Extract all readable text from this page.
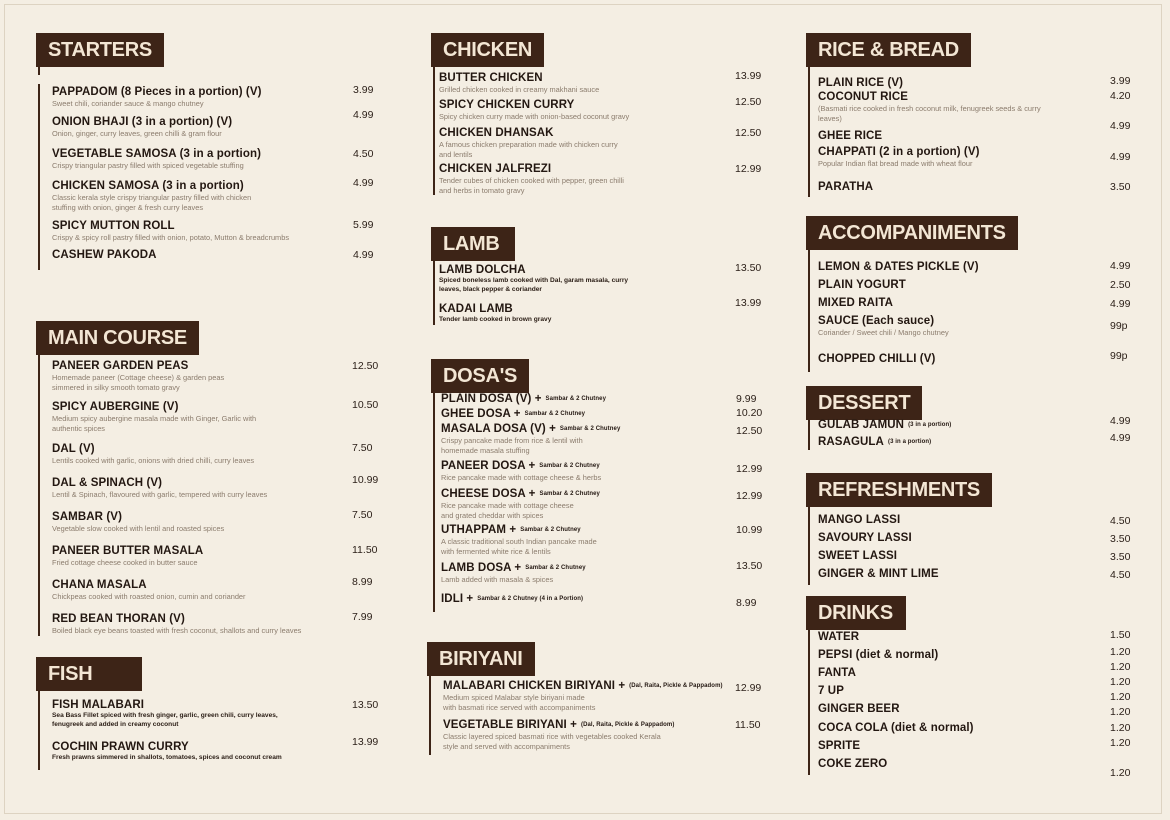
STARTERS
PAPPADOM (8 Pieces in a portion) (V)
Sweet chili, coriander sauce & mango chutney
3.99
ONION BHAJI (3 in a portion) (V)
Onion, ginger, curry leaves, green chilli & gram flour
4.99
VEGETABLE SAMOSA (3 in a portion)
Crispy triangular pastry filled with spiced vegetable stuffing
4.50
CHICKEN SAMOSA (3 in a portion)
Classic kerala style crispy triangular pastry filled with chicken
stuffing with onion, ginger & fresh curry leaves
4.99
SPICY MUTTON ROLL
Crispy & spicy roll pastry filled with onion, potato, Mutton & breadcrumbs
5.99
CASHEW PAKODA	4.99
MAIN COURSE
PANEER GARDEN PEAS
Homemade paneer (Cottage cheese) & garden peas
simmered in silky smooth tomato gravy
12.50
SPICY AUBERGINE (V)
Medium spicy aubergine masala made with Ginger, Garlic with
authentic spices
10.50
DAL (V)
Lentils cooked with garlic, onions with dried chilli, curry leaves
7.50
DAL & SPINACH (V)
Lentil & Spinach, flavoured with garlic, tempered with curry leaves
10.99
SAMBAR (V)
Vegetable slow cooked with lentil and roasted spices
7.50
PANEER BUTTER MASALA
Fried cottage cheese cooked in butter sauce
11.50
CHANA MASALA
Chickpeas cooked with roasted onion, cumin and coriander
8.99
RED BEAN THORAN (V)
Boiled black eye beans toasted with fresh coconut, shallots and curry leaves
7.99
FISH
FISH MALABARI
Sea Bass Fillet spiced with fresh ginger, garlic, green chili, curry leaves,
fenugreek and added in creamy coconut
13.50
COCHIN PRAWN CURRY
Fresh prawns simmered in shallots, tomatoes, spices and coconut cream
13.99
CHICKEN
BUTTER CHICKEN
Grilled chicken cooked in creamy makhani sauce
13.99
SPICY CHICKEN CURRY
Spicy chicken curry made with onion-based coconut gravy
12.50
CHICKEN DHANSAK
A famous chicken preparation made with chicken curry
and lentils
12.50
CHICKEN JALFREZI
Tender cubes of chicken cooked with pepper, green chilli
and herbs in tomato gravy
12.99
LAMB
LAMB DOLCHA
Spiced boneless lamb cooked with Dal, garam masala, curry
leaves, black pepper & coriander
13.50
KADAI LAMB
Tender lamb cooked in brown gravy
13.99
DOSA'S
PLAIN DOSA (V) + Sambar & 2 Chutney	9.99
GHEE DOSA + Sambar & 2 Chutney	10.20
MASALA DOSA (V) + Sambar & 2 Chutney
Crispy pancake made from rice & lentil with
homemade masala stuffing
12.50
PANEER DOSA + Sambar & 2 Chutney
Rice pancake made with cottage cheese & herbs
12.99
CHEESE DOSA + Sambar & 2 Chutney
Rice pancake made with cottage cheese
and grated cheddar with spices
12.99
UTHAPPAM + Sambar & 2 Chutney
A classic traditional south Indian pancake made
with fermented white rice & lentils
10.99
LAMB DOSA + Sambar & 2 Chutney
Lamb added with masala & spices
13.50
IDLI + Sambar & 2 Chutney (4 in a Portion)	8.99
BIRIYANI
MALABARI CHICKEN BIRIYANI + (Dal, Raita, Pickle & Pappadom)
Medium spiced Malabar style biriyani made
with basmati rice served with accompaniments
12.99
VEGETABLE BIRIYANI + (Dal, Raita, Pickle & Pappadom)
Classic layered spiced basmati rice with vegetables cooked Kerala
style and served with accompaniments
11.50
RICE & BREAD
PLAIN RICE (V)	3.99
COCONUT RICE
(Basmati rice cooked in fresh coconut milk, fenugreek seeds & curry
leaves)
4.20
GHEE RICE
4.99
CHAPPATI (2 in a portion) (V)
Popular Indian flat bread made with wheat flour
4.99
PARATHA	3.50
ACCOMPANIMENTS
LEMON & DATES PICKLE (V)	4.99
PLAIN YOGURT	2.50
MIXED RAITA	4.99
SAUCE (Each sauce)
Coriander / Sweet chili / Mango chutney
99p
CHOPPED CHILLI (V)	99p
DESSERT
GULAB JAMUN (3 in a portion)	4.99
RASAGULA (3 in a portion)	4.99
REFRESHMENTS
MANGO LASSI	4.50
SAVOURY LASSI	3.50
SWEET LASSI	3.50
GINGER & MINT LIME	4.50
DRINKS
WATER	1.50
PEPSI (diet & normal)	1.20
FANTA	1.20
7 UP
1.20
GINGER BEER
1.20
COCA COLA (diet & normal)
1.20
SPRITE
1.20
COKE ZERO
1.20
1.20
